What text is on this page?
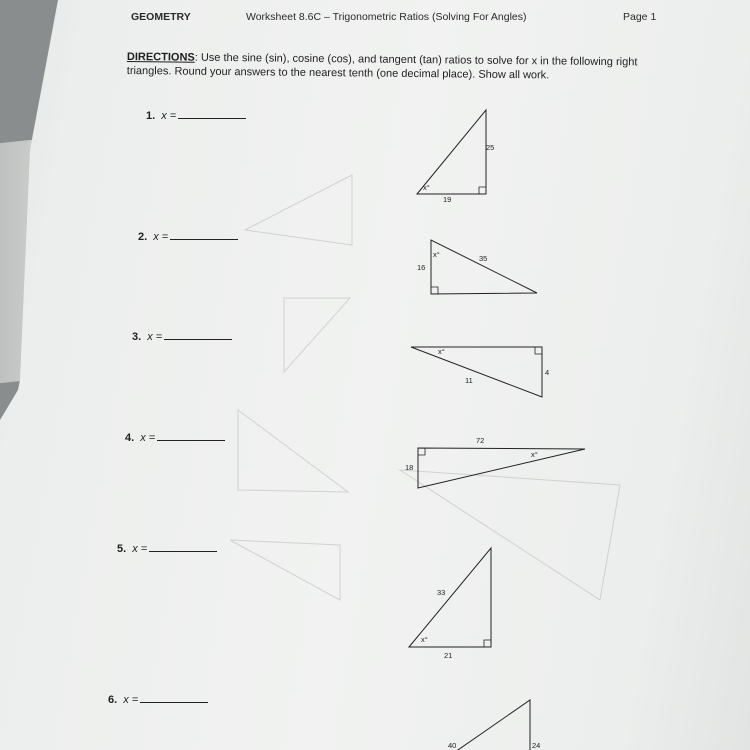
GEOMETRY	Worksheet 8.6C – Trigonometric Ratios (Solving For Angles)	Page 1
DIRECTIONS: Use the sine (sin), cosine (cos), and tangent (tan) ratios to solve for x in the following right triangles. Round your answers to the nearest tenth (one decimal place). Show all work.
1. x =
2. x =
3. x =
4. x =
5. x =
6. x =
25
19
x°
16
35
x°
11
4
x°
72
18
x°
33
21
x°
40	24
